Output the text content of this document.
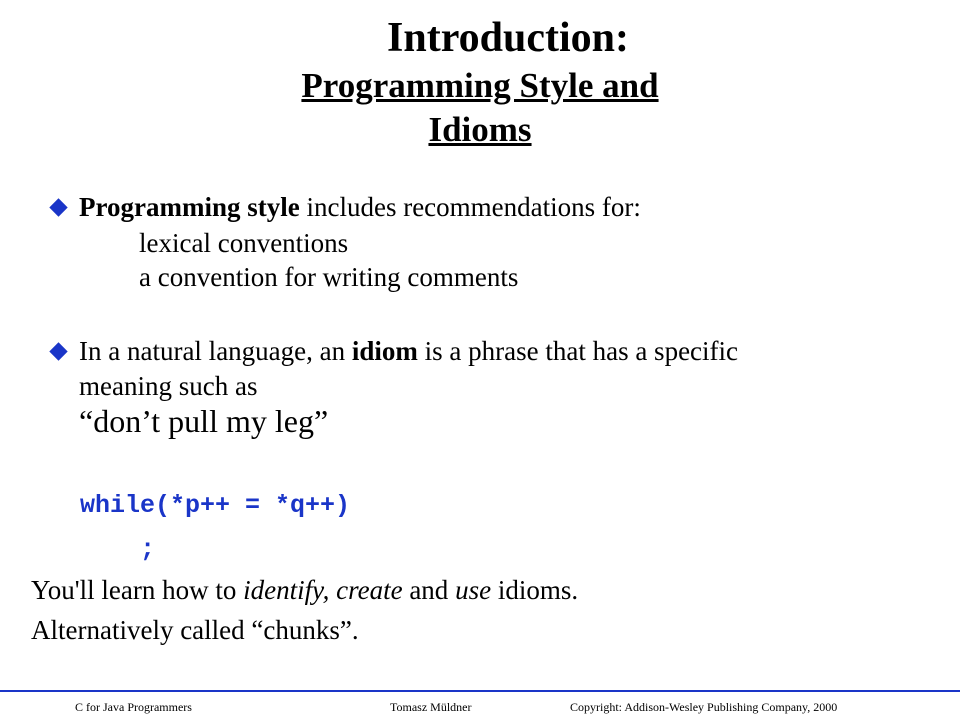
Introduction:
Programming Style and
Idioms
Programming style includes recommendations for:
lexical conventions
a convention for writing comments
In a natural language, an idiom is a phrase that has a specific
meaning such as
“don’t pull my leg”
while(*p++ = *q++)
;
You'll learn how to identify, create and use idioms.
Alternatively called “chunks”.
C for Java Programmers	Tomasz Müldner	Copyright: Addison-Wesley Publishing Company, 2000
